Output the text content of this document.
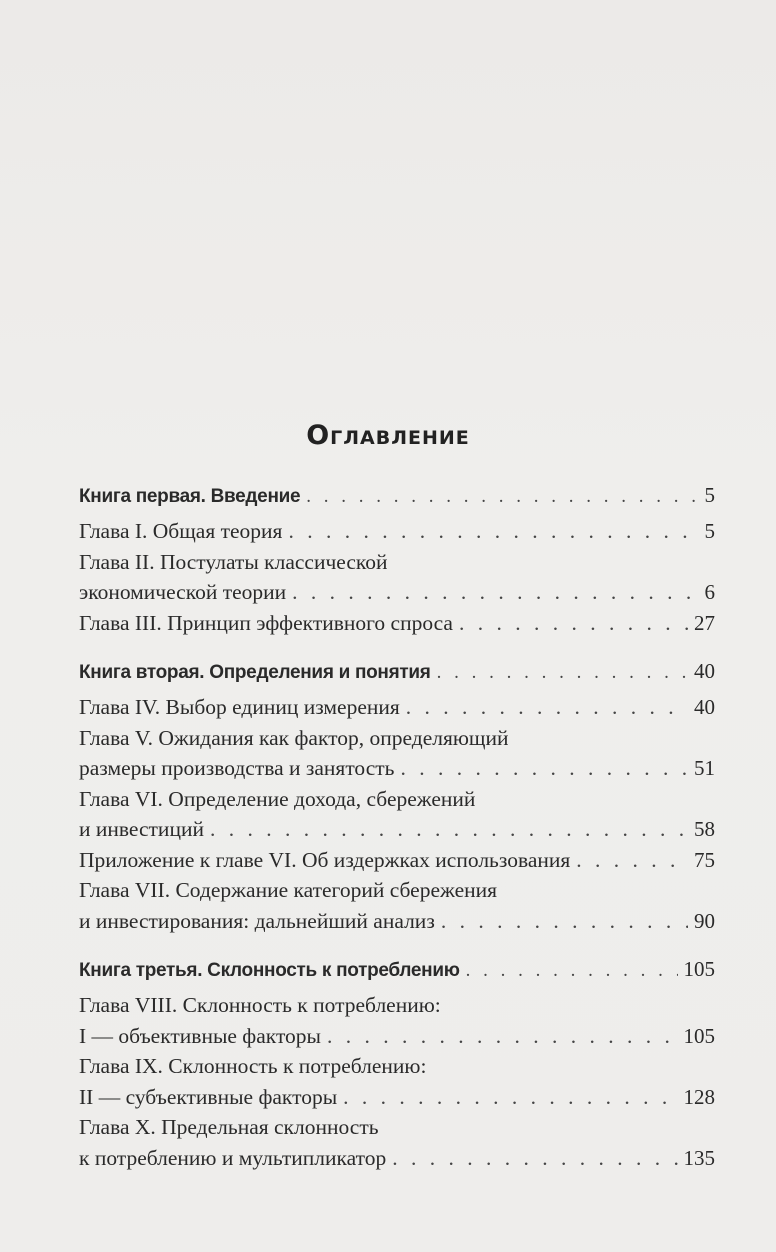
Оглавление
Книга первая. Введение . . .	5
Глава I. Общая теория . . .	5
Глава II. Постулаты классической
экономической теории . . .	6
Глава III. Принцип эффективного спроса . . .	27
Книга вторая. Определения и понятия . . .	40
Глава IV. Выбор единиц измерения . . .	40
Глава V. Ожидания как фактор, определяющий
размеры производства и занятость . . .	51
Глава VI. Определение дохода, сбережений
и инвестиций . . .	58
Приложение к главе VI. Об издержках использования . . .	75
Глава VII. Содержание категорий сбережения
и инвестирования: дальнейший анализ . . .	90
Книга третья. Склонность к потреблению . . .	105
Глава VIII. Склонность к потреблению:
I — объективные факторы . . .	105
Глава IX. Склонность к потреблению:
II — субъективные факторы . . .	128
Глава X. Предельная склонность
к потреблению и мультипликатор . . .	135
